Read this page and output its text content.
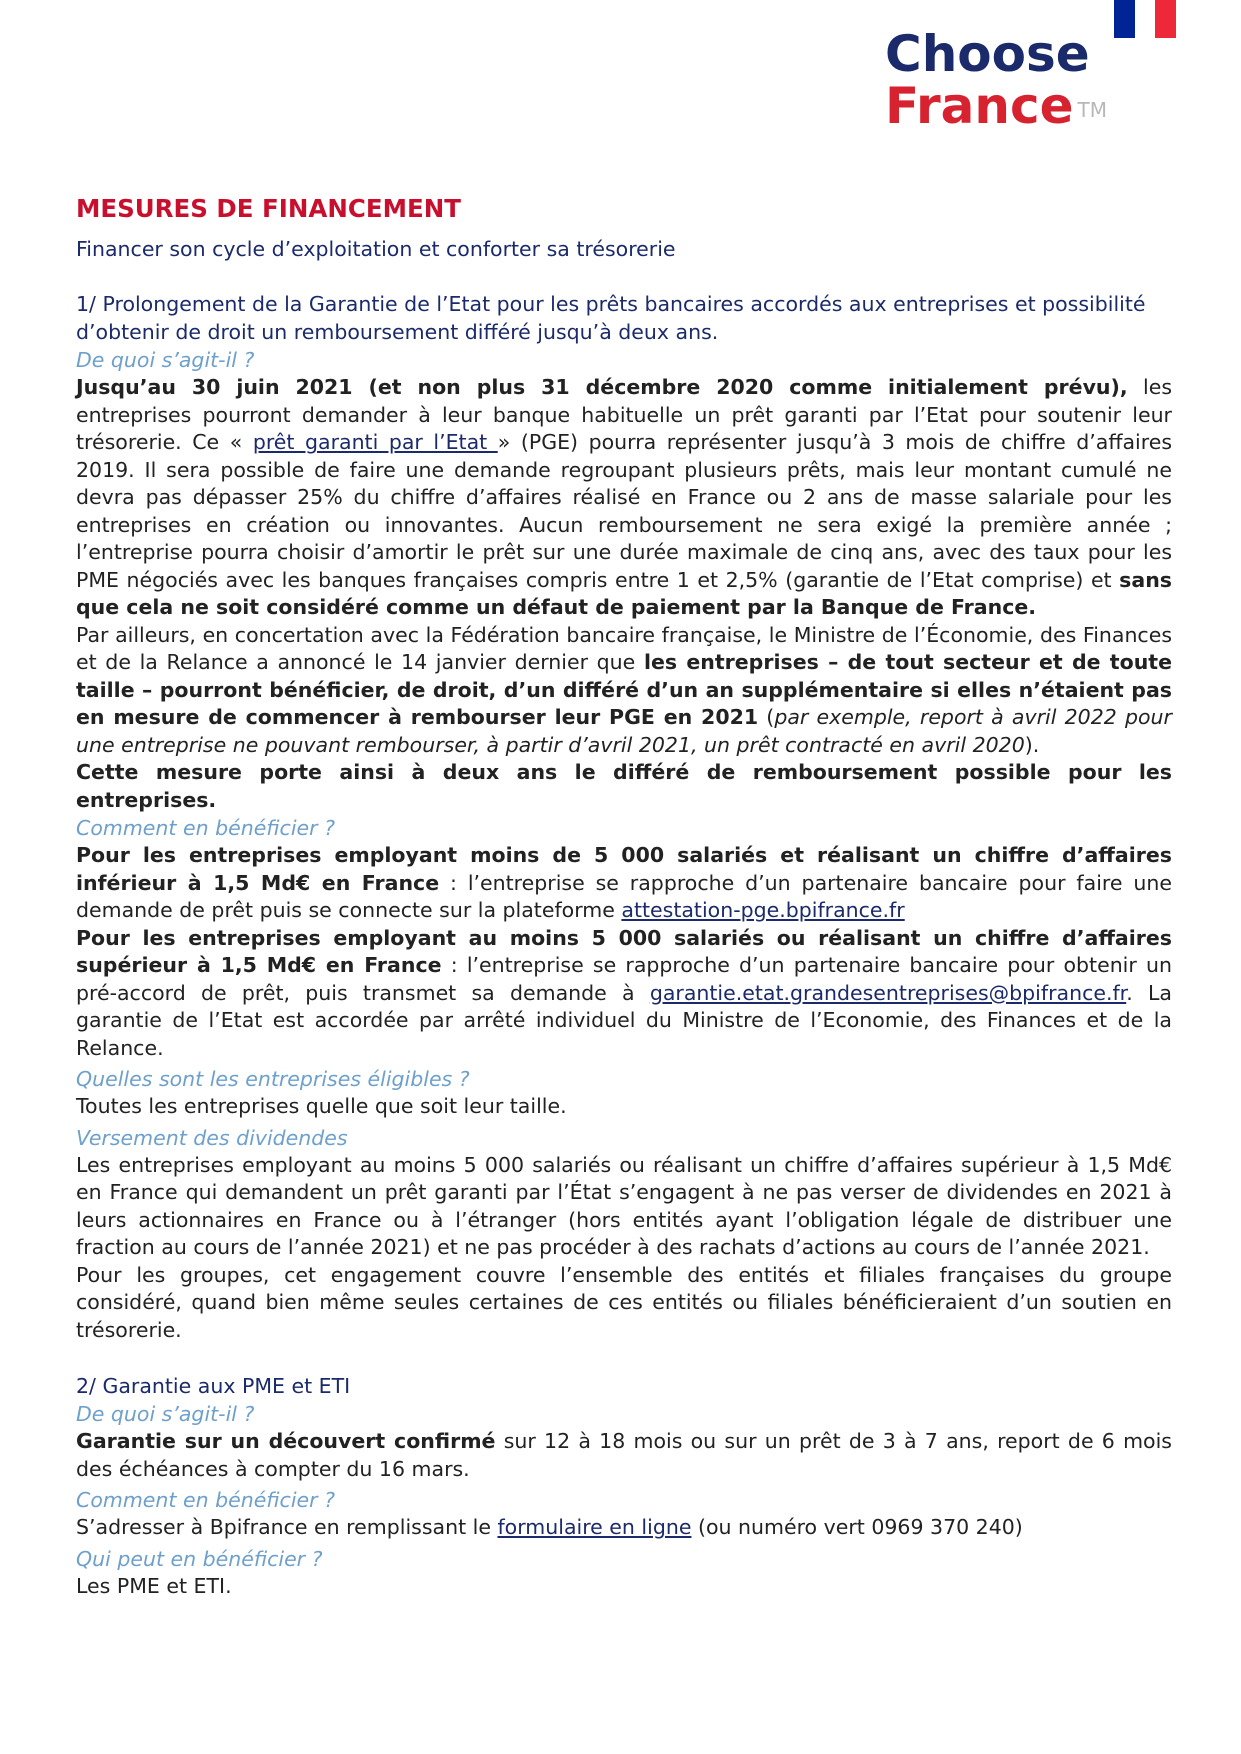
Choose
France ™

MESURES DE FINANCEMENT

Financer son cycle d’exploitation et conforter sa trésorerie

1/ Prolongement de la Garantie de l’Etat pour les prêts bancaires accordés aux entreprises et possibilité d’obtenir de droit un remboursement différé jusqu’à deux ans.

De quoi s’agit-il ?

Jusqu’au 30 juin 2021 (et non plus 31 décembre 2020 comme initialement prévu), les entreprises pourront demander à leur banque habituelle un prêt garanti par l’Etat pour soutenir leur trésorerie. Ce « prêt garanti par l’Etat » (PGE) pourra représenter jusqu’à 3 mois de chiffre d’affaires 2019. Il sera possible de faire une demande regroupant plusieurs prêts, mais leur montant cumulé ne devra pas dépasser 25% du chiffre d’affaires réalisé en France ou 2 ans de masse salariale pour les entreprises en création ou innovantes. Aucun remboursement ne sera exigé la première année ; l’entreprise pourra choisir d’amortir le prêt sur une durée maximale de cinq ans, avec des taux pour les PME négociés avec les banques françaises compris entre 1 et 2,5% (garantie de l’Etat comprise) et sans que cela ne soit considéré comme un défaut de paiement par la Banque de France.

Par ailleurs, en concertation avec la Fédération bancaire française, le Ministre de l’Économie, des Finances et de la Relance a annoncé le 14 janvier dernier que les entreprises – de tout secteur et de toute taille – pourront bénéficier, de droit, d’un différé d’un an supplémentaire si elles n’étaient pas en mesure de commencer à rembourser leur PGE en 2021 (par exemple, report à avril 2022 pour une entreprise ne pouvant rembourser, à partir d’avril 2021, un prêt contracté en avril 2020).

Cette mesure porte ainsi à deux ans le différé de remboursement possible pour les entreprises.

Comment en bénéficier ?

Pour les entreprises employant moins de 5 000 salariés et réalisant un chiffre d’affaires inférieur à 1,5 Md€ en France : l’entreprise se rapproche d’un partenaire bancaire pour faire une demande de prêt puis se connecte sur la plateforme attestation-pge.bpifrance.fr

Pour les entreprises employant au moins 5 000 salariés ou réalisant un chiffre d’affaires supérieur à 1,5 Md€ en France : l’entreprise se rapproche d’un partenaire bancaire pour obtenir un pré-accord de prêt, puis transmet sa demande à garantie.etat.grandesentreprises@bpifrance.fr. La garantie de l’Etat est accordée par arrêté individuel du Ministre de l’Economie, des Finances et de la Relance.

Quelles sont les entreprises éligibles ?

Toutes les entreprises quelle que soit leur taille.

Versement des dividendes

Les entreprises employant au moins 5 000 salariés ou réalisant un chiffre d’affaires supérieur à 1,5 Md€ en France qui demandent un prêt garanti par l’État s’engagent à ne pas verser de dividendes en 2021 à leurs actionnaires en France ou à l’étranger (hors entités ayant l’obligation légale de distribuer une fraction au cours de l’année 2021) et ne pas procéder à des rachats d’actions au cours de l’année 2021.

Pour les groupes, cet engagement couvre l’ensemble des entités et filiales françaises du groupe considéré, quand bien même seules certaines de ces entités ou filiales bénéficieraient d’un soutien en trésorerie.

2/ Garantie aux PME et ETI

De quoi s’agit-il ?

Garantie sur un découvert confirmé sur 12 à 18 mois ou sur un prêt de 3 à 7 ans, report de 6 mois des échéances à compter du 16 mars.

Comment en bénéficier ?

S’adresser à Bpifrance en remplissant le formulaire en ligne (ou numéro vert 0969 370 240)

Qui peut en bénéficier ?

Les PME et ETI.
